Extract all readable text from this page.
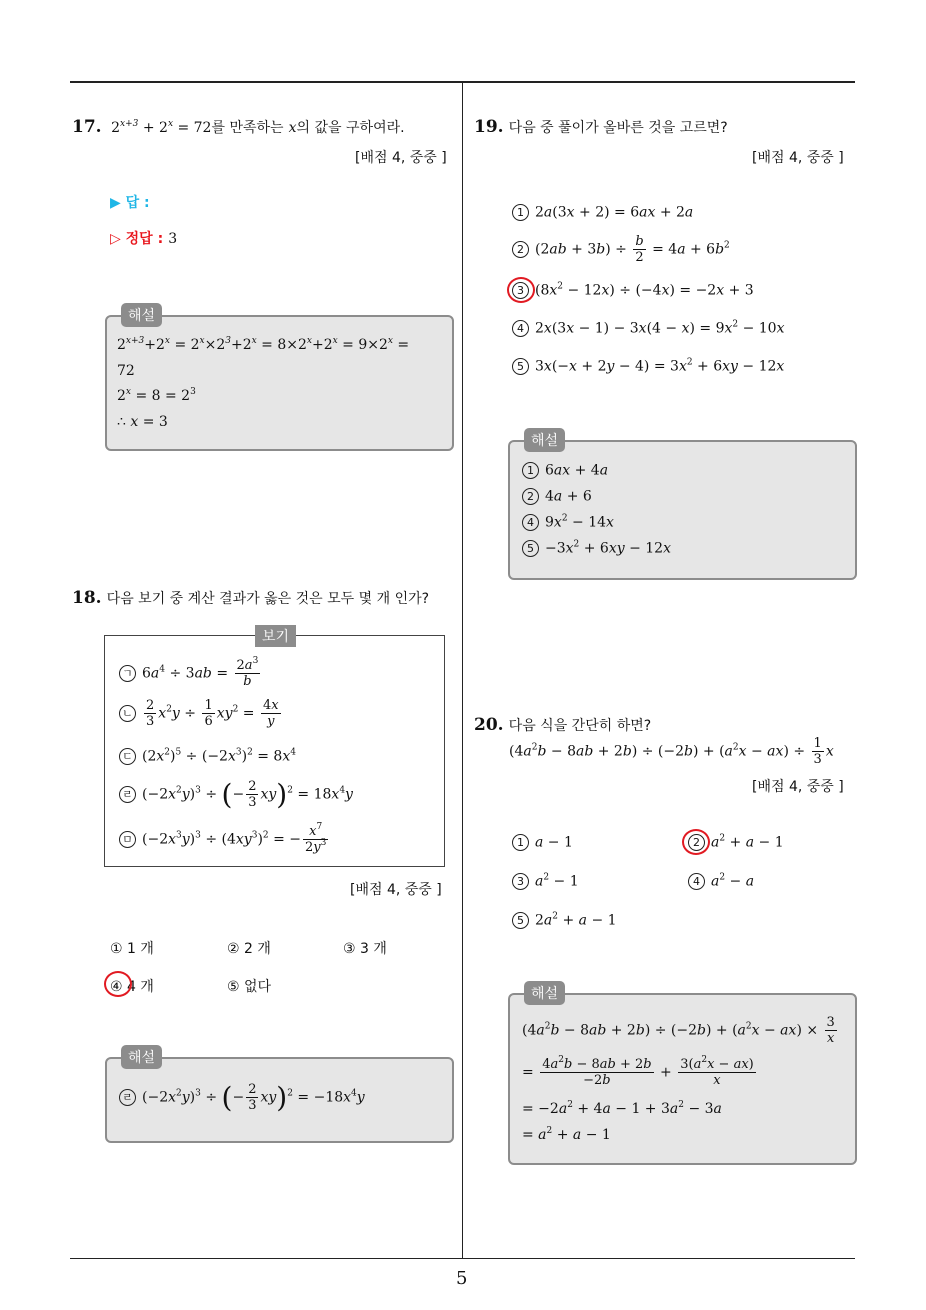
5
17. $2^{x+3} + 2^x = 72$를 만족하는 x의 값을 구하여라.
[배점 4, 중중 ]
▶ 답 :
▷ 정답 : 3
해설
$2^{x+3}+2^x = 2^x\times 2^3+2^x = 8\times 2^x+2^x = 9\times 2^x$ =
72
$2^x = 8 = 2^3$
∴ x = 3
18. 다음 보기 중 계산 결과가 옳은 것은 모두 몇 개 인가?
보기
ㄱ $6a^4 \div 3ab = \frac{2a^3}{b}$
ㄴ $\frac{2}{3} x^2y \div \frac{1}{6} xy^2 = \frac{4x}{y}$
ㄷ $(2x^2)^5 \div (-2x^3)^2 = 8x^4$
ㄹ $(-2x^2y)^3$ ÷ (− $\frac{2}{3} xy)^2 = 18x^4y$
ㅁ $(-2x^3y)^3 \div (4xy^3)^2$ = − $\frac{x^7}{2y^3}$
[배점 4, 중중 ]
① 1 개	② 2 개	③ 3 개
④ 4 개	⑤ 없다
해설
ㄹ $(-2x^2y)^3$ ÷ (− $\frac{2}{3} xy)^2 = -18x^4y$
19. 다음 중 풀이가 올바른 것을 고르면?
[배점 4, 중중 ]
1 2a(3x + 2) = 6ax + 2a
2 $(2ab + 3b) \div \frac{b}{2} = 4a + 6b^2$
3 $(8x^2 - 12x) \div (-4x) = -2x + 3$
4 $2x(3x - 1) - 3x(4 - x) = 9x^2 - 10x$
5 $3x(-x + 2y - 4) = 3x^2 + 6xy - 12x$
해설
1 6ax + 4a
2 4a + 6
4 $9x^2 - 14x$
$5 -3x^2 + 6xy - 12x$
20. 다음 식을 간단히 하면?
$(4a^2b - 8ab + 2b) \div (-2b) + (a^2x - ax) \div \frac{1}{3}$ x
[배점 4, 중중 ]
1 a − 1	2 $a^2 + a - 1$
3 $a^2 - 1$	4 $a^2 - a$
5 $2a^2 + a - 1$
해설
$(4a^2b - 8ab + 2b) \div (-2b) + (a^2x - ax) \times \frac{3}{x}$
= $\frac{4a^2b - 8ab + 2b}{-2b} + \frac{3(a^2x - ax)}{x}$
= $-2a^2 + 4a - 1 + 3a^2 - 3a$
= $a^2 + a - 1$
